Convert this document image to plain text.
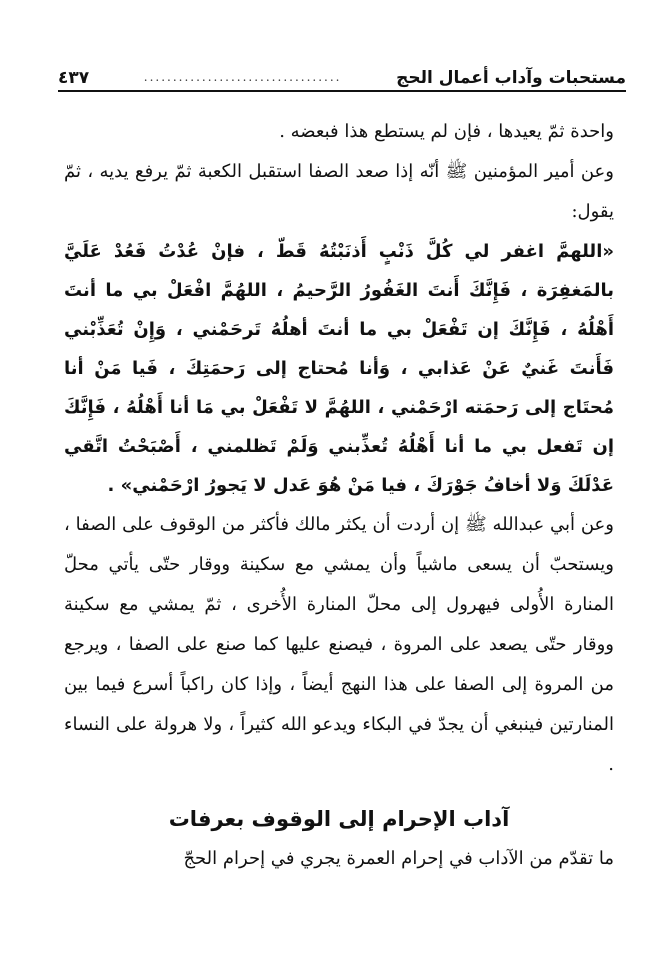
مستحبات وآداب أعمال الحج
..................................
٤٣٧

واحدة ثمّ يعيدها ، فإن لم يستطع هذا فبعضه .

وعن أمير المؤمنين ﷺ أنّه إذا صعد الصفا استقبل الكعبة ثمّ يرفع يديه ، ثمّ يقول:

«اللهمَّ اغفر لي كُلَّ ذَنْبٍ أَذنَبْتُهُ قَطّ ، فإنْ عُدْتُ فَعُدْ عَلَيَّ بالمَغفِرَة ، فَإِنَّكَ أَنتَ الغَفُورُ الرَّحيمُ ، اللهُمَّ افْعَلْ بي ما أنتَ أَهْلُهُ ، فَإِنَّكَ إن تَفْعَلْ بي ما أنتَ أهلُهُ تَرحَمْني ، وَإِنْ تُعَذِّبْني فَأَنتَ غَنيٌ عَنْ عَذابي ، وَأنا مُحتاج إلى رَحمَتِكَ ، فَيا مَنْ أنا مُحتَاج إلى رَحمَته ارْحَمْني ، اللهُمَّ لا تَفْعَلْ بي مَا أنا أَهْلُهُ ، فَإِنَّكَ إن تَفعل بي ما أنا أَهْلُهُ تُعذِّبني وَلَمْ تَظلمني ، أَصْبَحْتُ اتَّقي عَدْلَكَ وَلا أخافُ جَوْرَكَ ، فيا مَنْ هُوَ عَدل لا يَجورُ ارْحَمْني» .

وعن أبي عبدالله ﷺ إن أردت أن يكثر مالك فأكثر من الوقوف على الصفا ، ويستحبّ أن يسعى ماشياً وأن يمشي مع سكينة ووقار حتّى يأتي محلّ المنارة الأُولى فيهرول إلى محلّ المنارة الأُخرى ، ثمّ يمشي مع سكينة ووقار حتّى يصعد على المروة ، فيصنع عليها كما صنع على الصفا ، ويرجع من المروة إلى الصفا على هذا النهج أيضاً ، وإذا كان راكباً أسرع فيما بين المنارتين فينبغي أن يجدّ في البكاء ويدعو الله كثيراً ، ولا هرولة على النساء .

آداب الإحرام إلى الوقوف بعرفات

ما تقدّم من الآداب في إحرام العمرة يجري في إحرام الحجّ
